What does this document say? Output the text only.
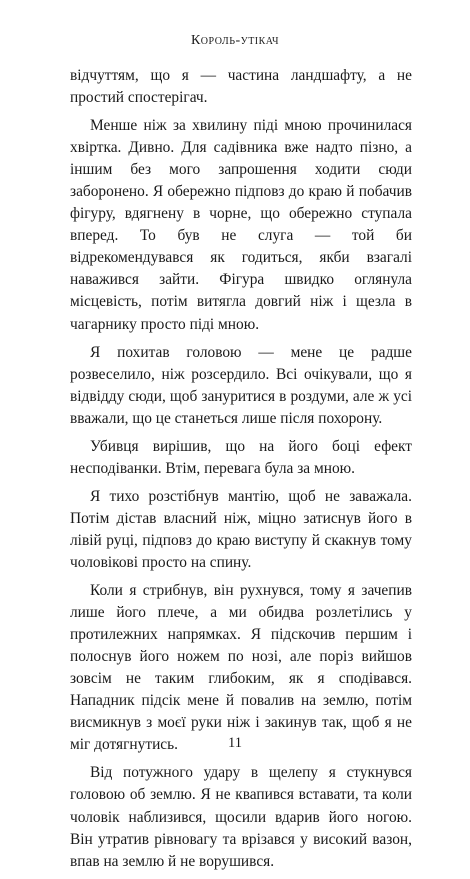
Король-утікач

відчуттям, що я — частина ландшафту, а не простий спостерігач.

Менше ніж за хвилину піді мною прочинилася хвіртка. Дивно. Для садівника вже надто пізно, а іншим без мого запрошення ходити сюди заборонено. Я обережно підповз до краю й побачив фігуру, вдягнену в чорне, що обережно ступала вперед. То був не слуга — той би відрекомендувався як годиться, якби взагалі наважився зайти. Фігура швидко оглянула місцевість, потім витягла довгий ніж і щезла в чагарнику просто піді мною.

Я похитав головою — мене це радше розвеселило, ніж розсердило. Всі очікували, що я відвідду сюди, щоб зануритися в роздуми, але ж усі вважали, що це станеться лише після похорону.

Убивця вирішив, що на його боці ефект несподіванки. Втім, перевага була за мною.

Я тихо розстібнув мантію, щоб не заважала. Потім дістав власний ніж, міцно затиснув його в лівій руці, підповз до краю виступу й скакнув тому чоловікові просто на спину.

Коли я стрибнув, він рухнувся, тому я зачепив лише його плече, а ми обидва розлетілись у протилежних напрямках. Я підскочив першим і полоснув його ножем по нозі, але поріз вийшов зовсім не таким глибоким, як я сподівався. Нападник підсік мене й повалив на землю, потім висмикнув з моєї руки ніж і закинув так, щоб я не міг дотягнутись.

Від потужного удару в щелепу я стукнувся головою об землю. Я не квапився вставати, та коли чоловік наблизився, щосили вдарив його ногою. Він утратив рівновагу та врізався у високий вазон, впав на землю й не ворушився.

11
